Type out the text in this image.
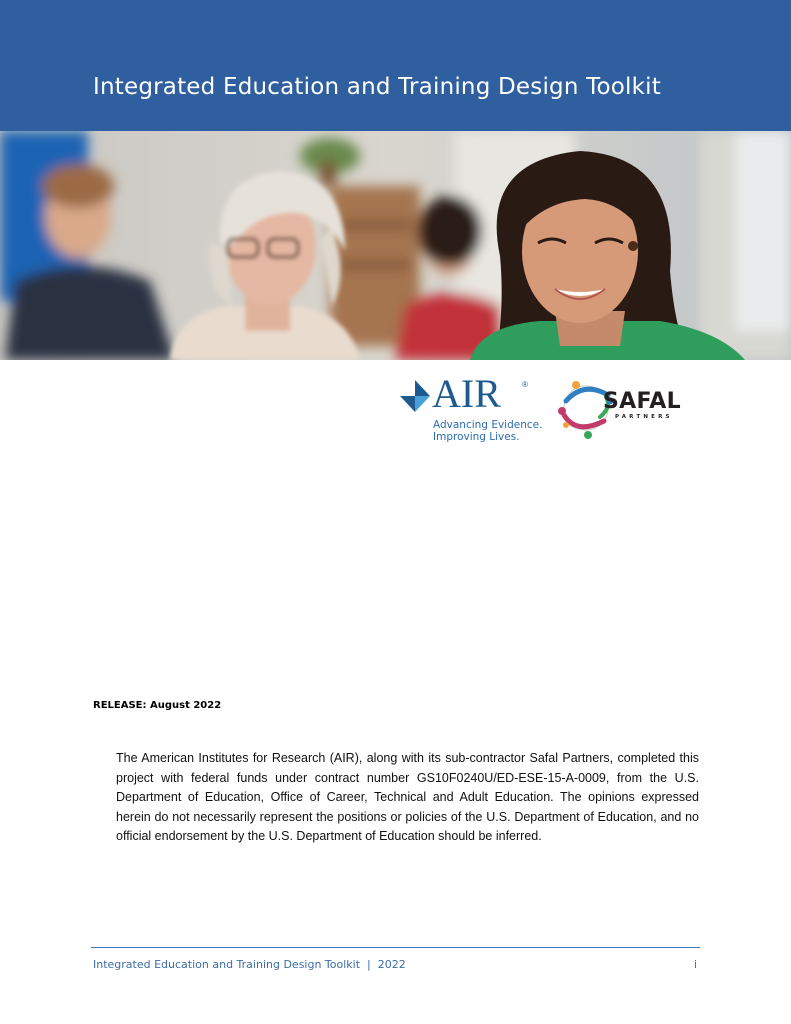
Integrated Education and Training Design Toolkit
AIR	®
Advancing Evidence.
Improving Lives.
SAFAL
PARTNERS

RELEASE: August 2022

The American Institutes for Research (AIR), along with its sub-contractor Safal Partners, completed this project with federal funds under contract number GS10F0240U/ED-ESE-15-A-0009, from the U.S. Department of Education, Office of Career, Technical and Adult Education. The opinions expressed herein do not necessarily represent the positions or policies of the U.S. Department of Education, and no official endorsement by the U.S. Department of Education should be inferred.

Integrated Education and Training Design Toolkit  |  2022	i
